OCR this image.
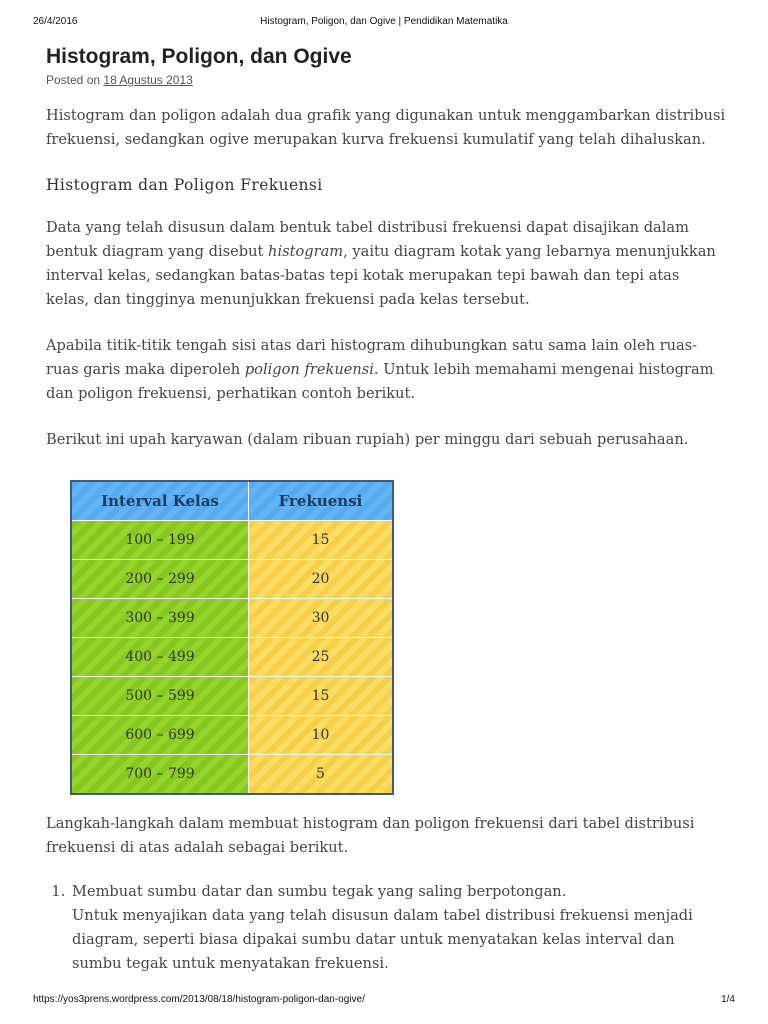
26/4/2016	Histogram, Poligon, dan Ogive | Pendidikan Matematika
Histogram, Poligon, dan Ogive
Posted on 18 Agustus 2013

Histogram dan poligon adalah dua grafik yang digunakan untuk menggambarkan distribusi frekuensi, sedangkan ogive merupakan kurva frekuensi kumulatif yang telah dihaluskan.

Histogram dan Poligon Frekuensi

Data yang telah disusun dalam bentuk tabel distribusi frekuensi dapat disajikan dalam bentuk diagram yang disebut histogram, yaitu diagram kotak yang lebarnya menunjukkan interval kelas, sedangkan batas-batas tepi kotak merupakan tepi bawah dan tepi atas kelas, dan tingginya menunjukkan frekuensi pada kelas tersebut.

Apabila titik-titik tengah sisi atas dari histogram dihubungkan satu sama lain oleh ruas-ruas garis maka diperoleh poligon frekuensi. Untuk lebih memahami mengenai histogram dan poligon frekuensi, perhatikan contoh berikut.

Berikut ini upah karyawan (dalam ribuan rupiah) per minggu dari sebuah perusahaan.

Interval Kelas	Frekuensi
100 – 199	15
200 – 299	20
300 – 399	30
400 – 499	25
500 – 599	15
600 – 699	10
700 – 799	5

Langkah-langkah dalam membuat histogram dan poligon frekuensi dari tabel distribusi frekuensi di atas adalah sebagai berikut.

1. Membuat sumbu datar dan sumbu tegak yang saling berpotongan.
Untuk menyajikan data yang telah disusun dalam tabel distribusi frekuensi menjadi diagram, seperti biasa dipakai sumbu datar untuk menyatakan kelas interval dan sumbu tegak untuk menyatakan frekuensi.
https://yos3prens.wordpress.com/2013/08/18/histogram-poligon-dan-ogive/	1/4
